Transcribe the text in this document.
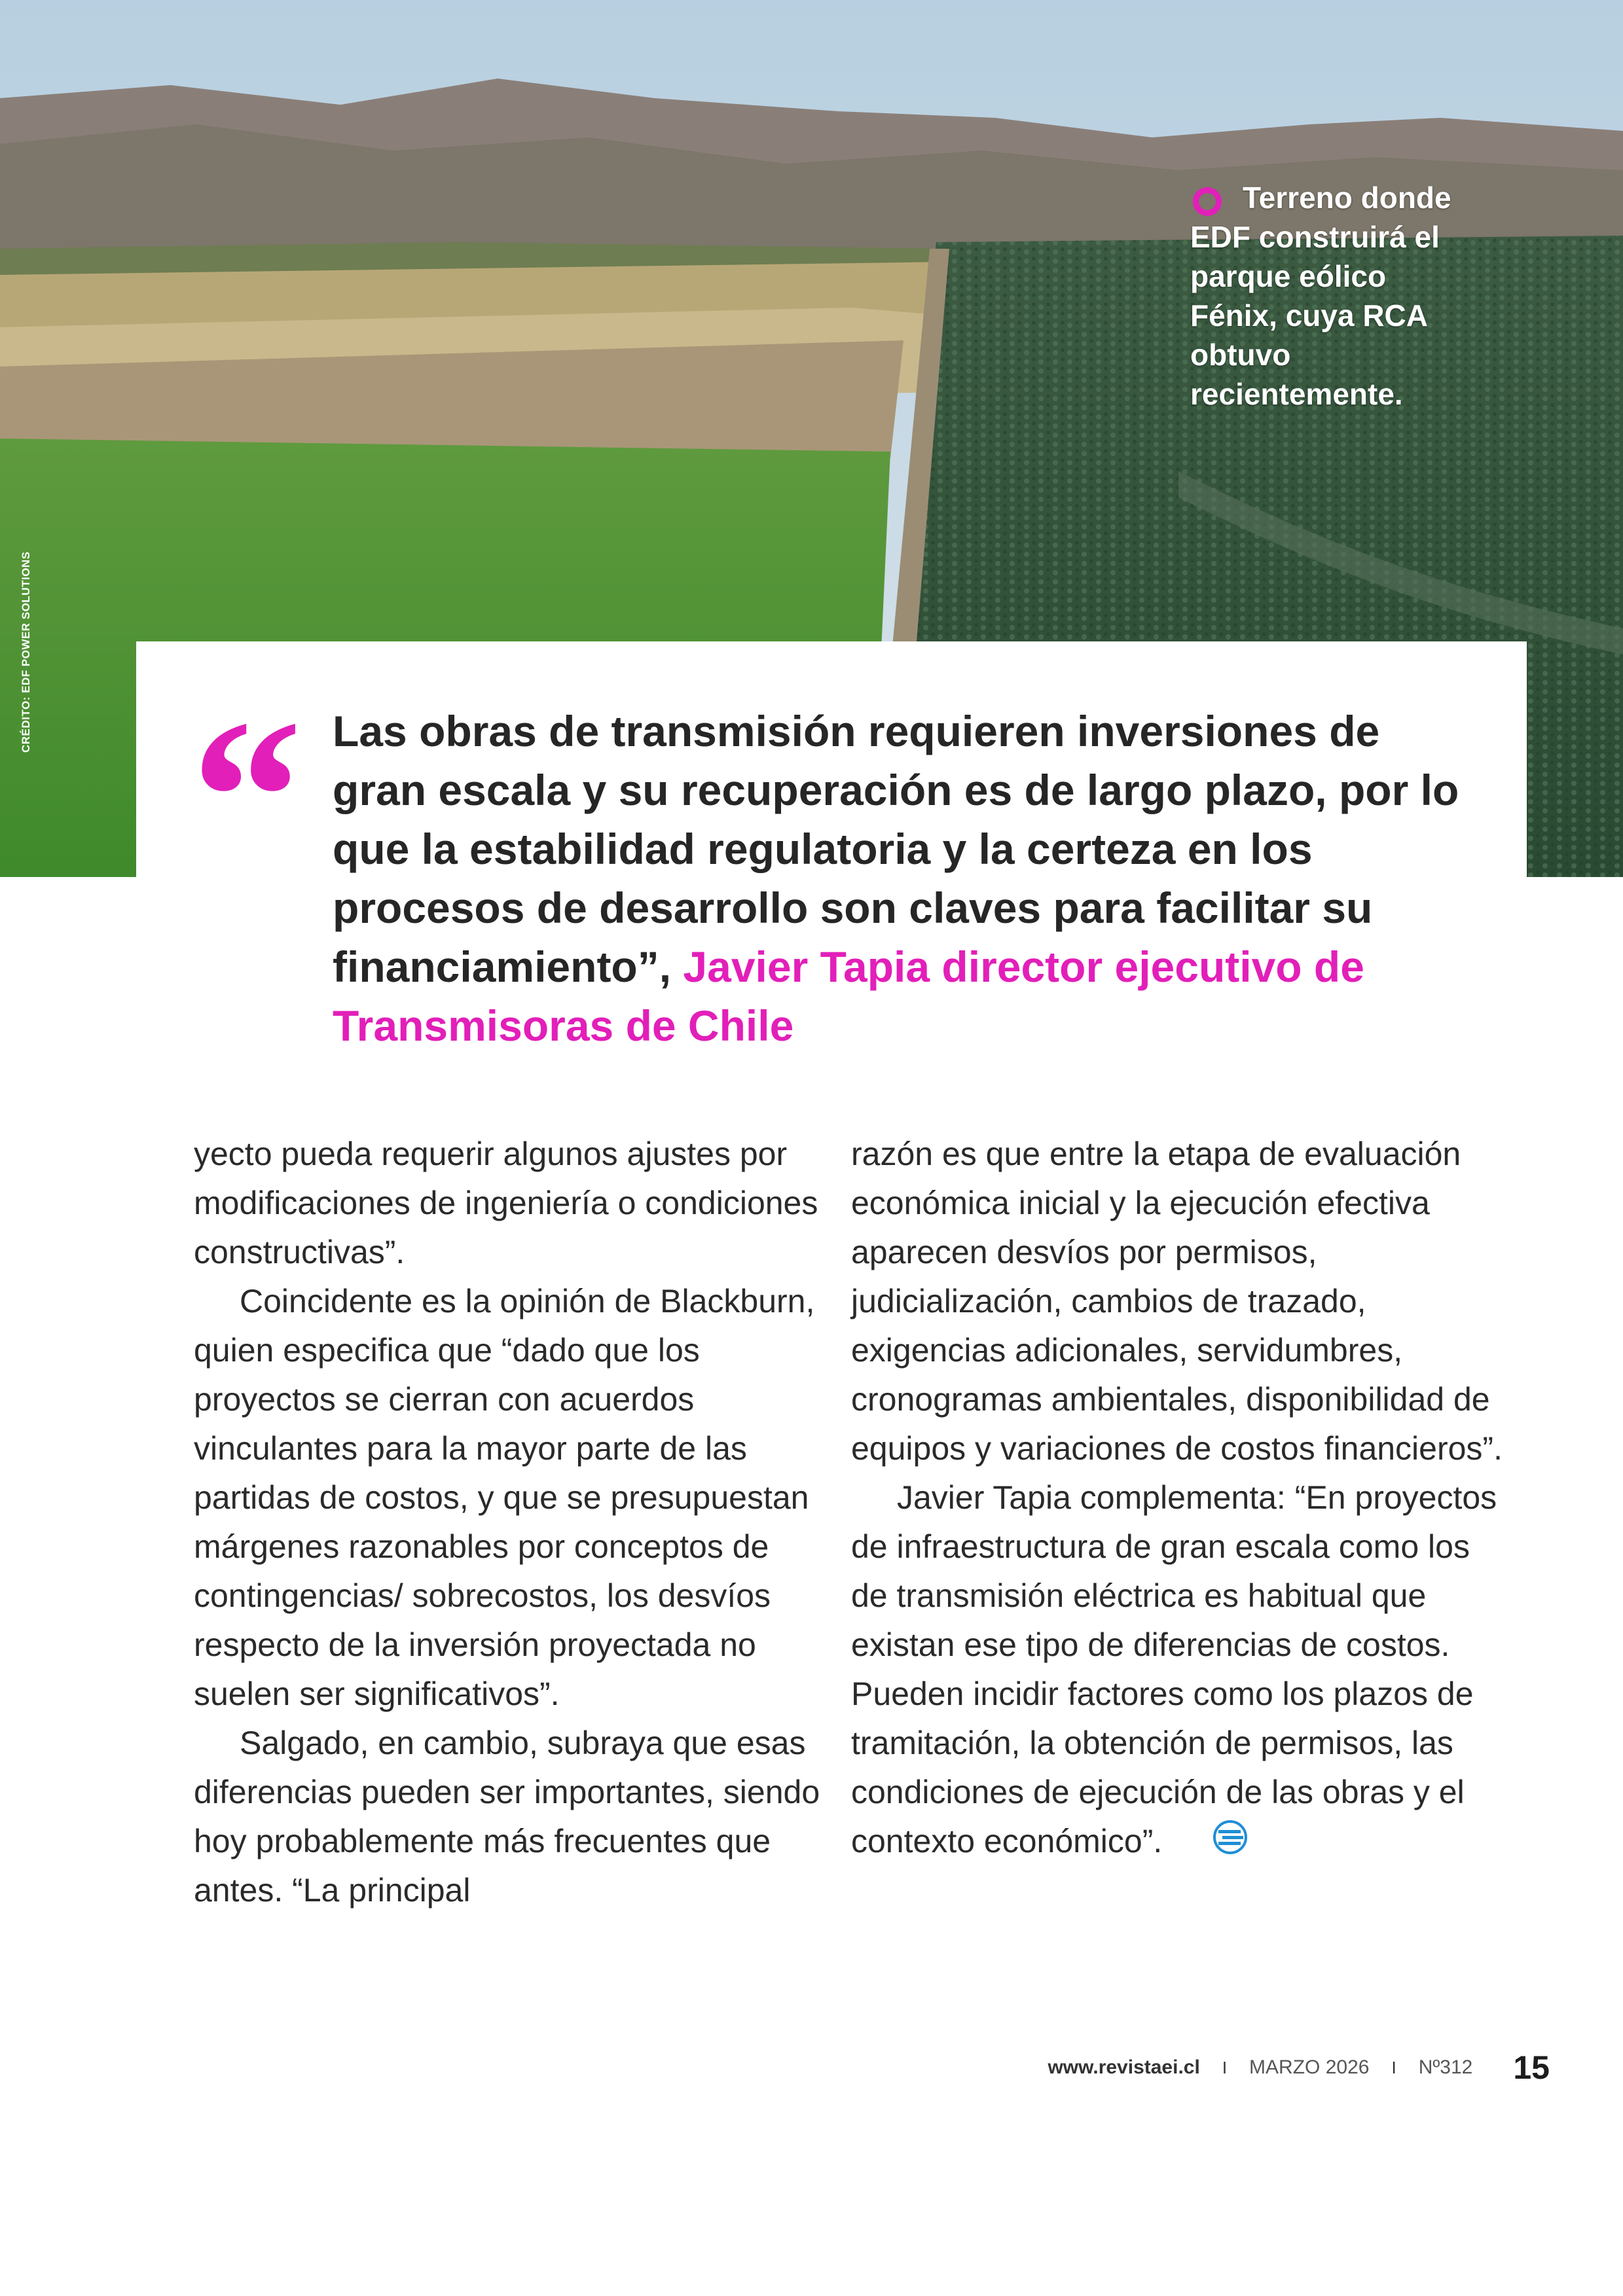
Terreno donde EDF construirá el parque eólico Fénix, cuya RCA obtuvo recientemente.
CRÉDITO: EDF POWER SOLUTIONS
“ Las obras de transmisión requieren inversiones de gran escala y su recuperación es de largo plazo, por lo que la estabilidad regulatoria y la certeza en los procesos de desarrollo son claves para facilitar su financiamiento”, Javier Tapia director ejecutivo de Transmisoras de Chile

yecto pueda requerir algunos ajustes por modificaciones de ingeniería o condiciones constructivas”.

Coincidente es la opinión de Blackburn, quien especifica que “dado que los proyectos se cierran con acuerdos vinculantes para la mayor parte de las partidas de costos, y que se presupuestan márgenes razonables por conceptos de contingencias/ sobrecostos, los desvíos respecto de la inversión proyectada no suelen ser significativos”.

Salgado, en cambio, subraya que esas diferencias pueden ser importantes, siendo hoy probablemente más frecuentes que antes. “La principal

razón es que entre la etapa de evaluación económica inicial y la ejecución efectiva aparecen desvíos por permisos, judicialización, cambios de trazado, exigencias adicionales, servidumbres, cronogramas ambientales, disponibilidad de equipos y variaciones de costos financieros”.

Javier Tapia complementa: “En proyectos de infraestructura de gran escala como los de transmisión eléctrica es habitual que existan ese tipo de diferencias de costos. Pueden incidir factores como los plazos de tramitación, la obtención de permisos, las condiciones de ejecución de las obras y el contexto económico”.

www.revistaei.cl I MARZO 2026 I Nº312 15
